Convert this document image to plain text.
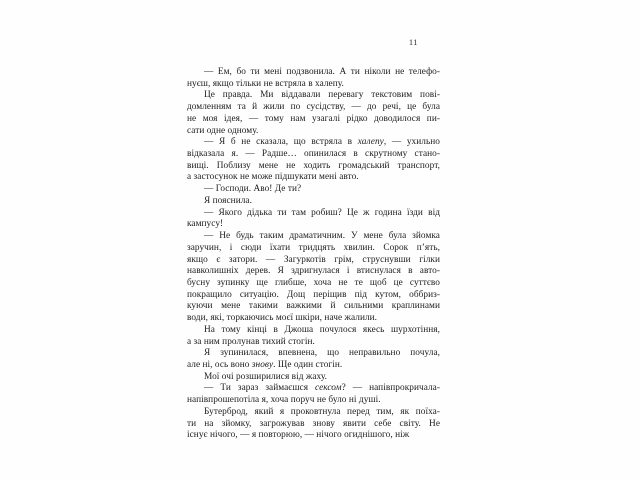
11

— Ем, бо ти мені подзвонила. А ти ніколи не телефо-
нуєш, якщо тільки не встряла в халепу.

Це правда. Ми віддавали перевагу текстовим пові-
домленням та й жили по сусідству, — до речі, це була
не моя ідея, — тому нам узагалі рідко доводилося пи-
сати одне одному.

— Я б не сказала, що встряла в халепу, — ухильно
відказала я. — Радше… опинилася в скрутному стано-
вищі. Поблизу мене не ходить громадський транспорт,
а застосунок не може підшукати мені авто.

— Господи. Аво! Де ти?

Я пояснила.

— Якого дідька ти там робиш? Це ж година їзди від
кампусу!

— Не будь таким драматичним. У мене була зйомка
заручин, і сюди їхати тридцять хвилин. Сорок п’ять,
якщо є затори. — Загуркотів грім, струснувши гілки
навколишніх дерев. Я здригнулася і втиснулася в авто-
бусну зупинку ще глибше, хоча не те щоб це суттєво
покращило ситуацію. Дощ періщив під кутом, оббриз-
куючи мене такими важкими й сильними краплинами
води, які, торкаючись моєї шкіри, наче жалили.

На тому кінці в Джоша почулося якесь шурхотіння,
а за ним пролунав тихий стогін.

Я зупинилася, впевнена, що неправильно почула,
але ні, ось воно знову. Ще один стогін.

Мої очі розширилися від жаху.

— Ти зараз займаєшся сексом? — напівпрокричала-
напівпрошепотіла я, хоча поруч не було ні душі.

Бутерброд, який я проковтнула перед тим, як поїха-
ти на зйомку, загрожував знову явити себе світу. Не
існує нічого, — я повторюю, — нічого огиднішого, ніж
